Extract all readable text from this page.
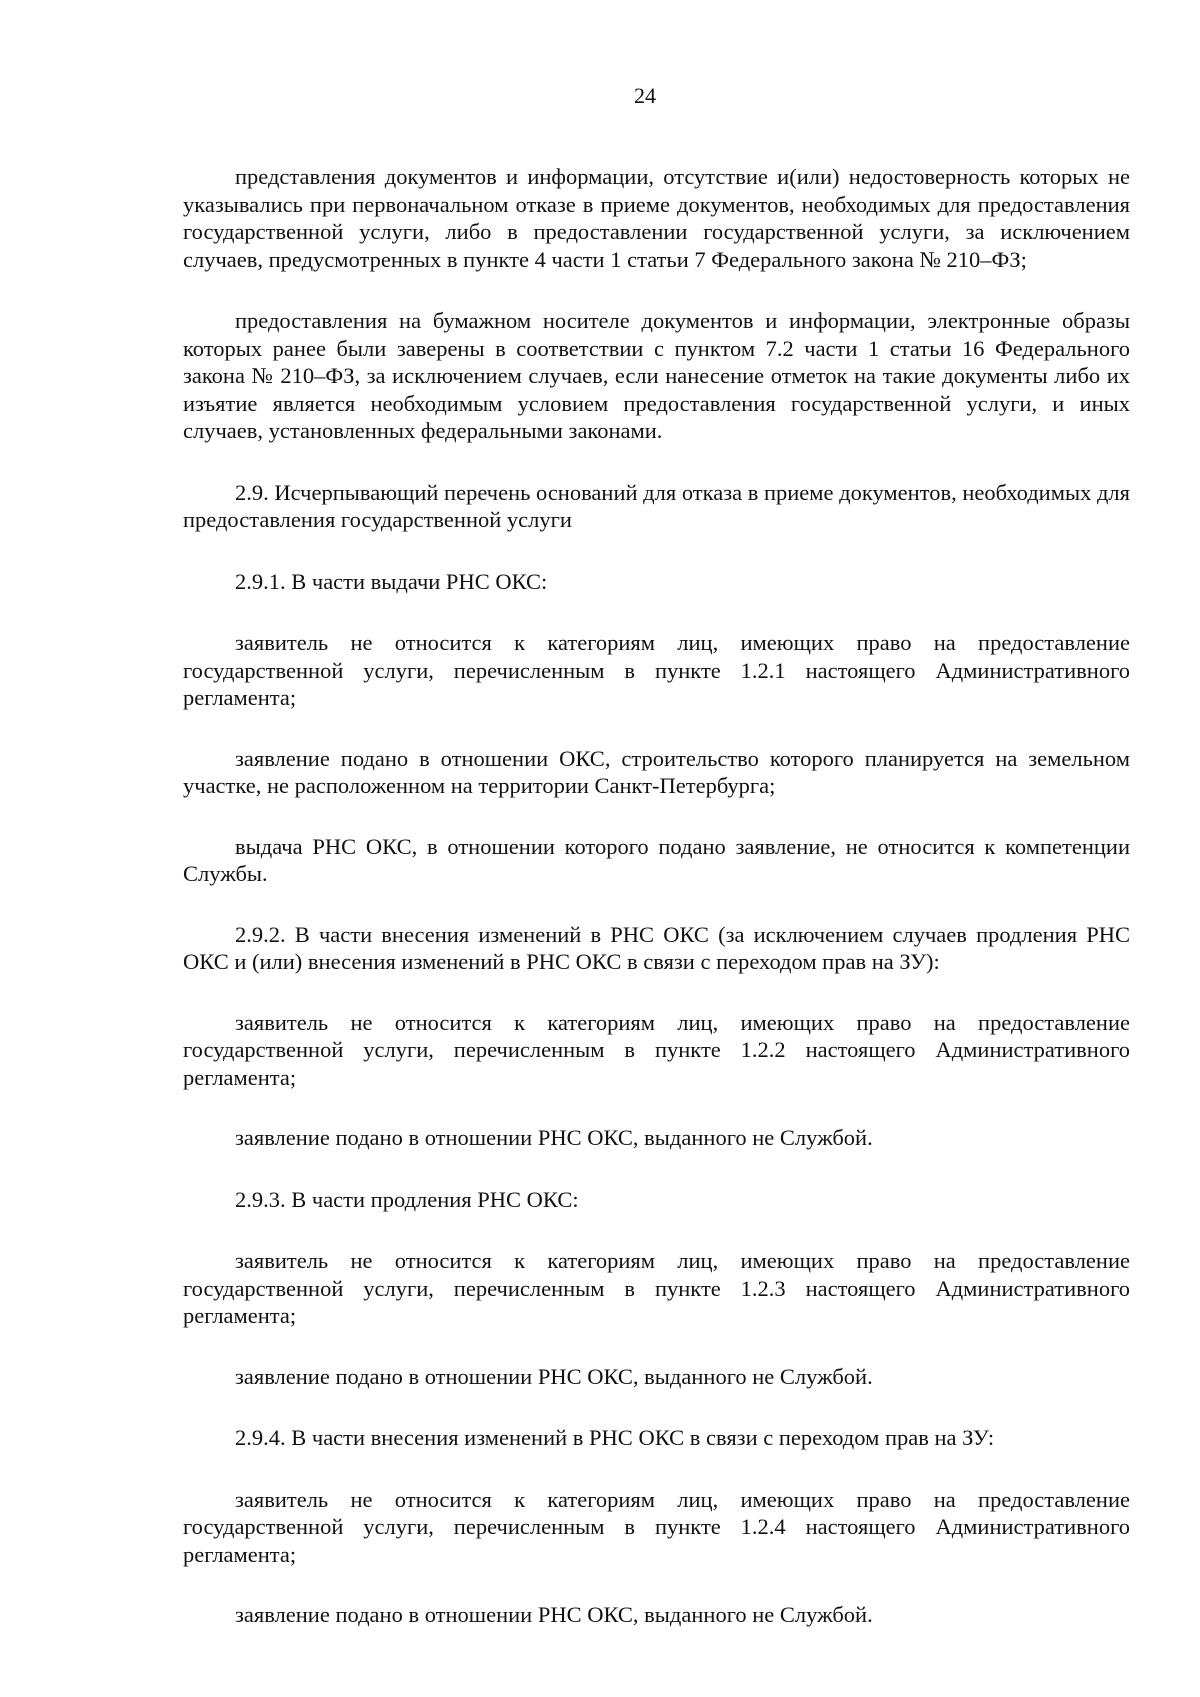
24

представления документов и информации, отсутствие и(или) недостоверность которых не указывались при первоначальном отказе в приеме документов, необходимых для предоставления государственной услуги, либо в предоставлении государственной услуги, за исключением случаев, предусмотренных в пункте 4 части 1 статьи 7 Федерального закона № 210–ФЗ;

предоставления на бумажном носителе документов и информации, электронные образы которых ранее были заверены в соответствии с пунктом 7.2 части 1 статьи 16 Федерального закона № 210–ФЗ, за исключением случаев, если нанесение отметок на такие документы либо их изъятие является необходимым условием предоставления государственной услуги, и иных случаев, установленных федеральными законами.

2.9. Исчерпывающий перечень оснований для отказа в приеме документов, необходимых для предоставления государственной услуги

2.9.1. В части выдачи РНС ОКС:

заявитель не относится к категориям лиц, имеющих право на предоставление государственной услуги, перечисленным в пункте 1.2.1 настоящего Административного регламента;

заявление подано в отношении ОКС, строительство которого планируется на земельном участке, не расположенном на территории Санкт-Петербурга;

выдача РНС ОКС, в отношении которого подано заявление, не относится к компетенции Службы.

2.9.2. В части внесения изменений в РНС ОКС (за исключением случаев продления РНС ОКС и (или) внесения изменений в РНС ОКС в связи с переходом прав на ЗУ):

заявитель не относится к категориям лиц, имеющих право на предоставление государственной услуги, перечисленным в пункте 1.2.2 настоящего Административного регламента;

заявление подано в отношении РНС ОКС, выданного не Службой.

2.9.3. В части продления РНС ОКС:

заявитель не относится к категориям лиц, имеющих право на предоставление государственной услуги, перечисленным в пункте 1.2.3 настоящего Административного регламента;

заявление подано в отношении РНС ОКС, выданного не Службой.

2.9.4. В части внесения изменений в РНС ОКС в связи с переходом прав на ЗУ:

заявитель не относится к категориям лиц, имеющих право на предоставление государственной услуги, перечисленным в пункте 1.2.4 настоящего Административного регламента;

заявление подано в отношении РНС ОКС, выданного не Службой.
